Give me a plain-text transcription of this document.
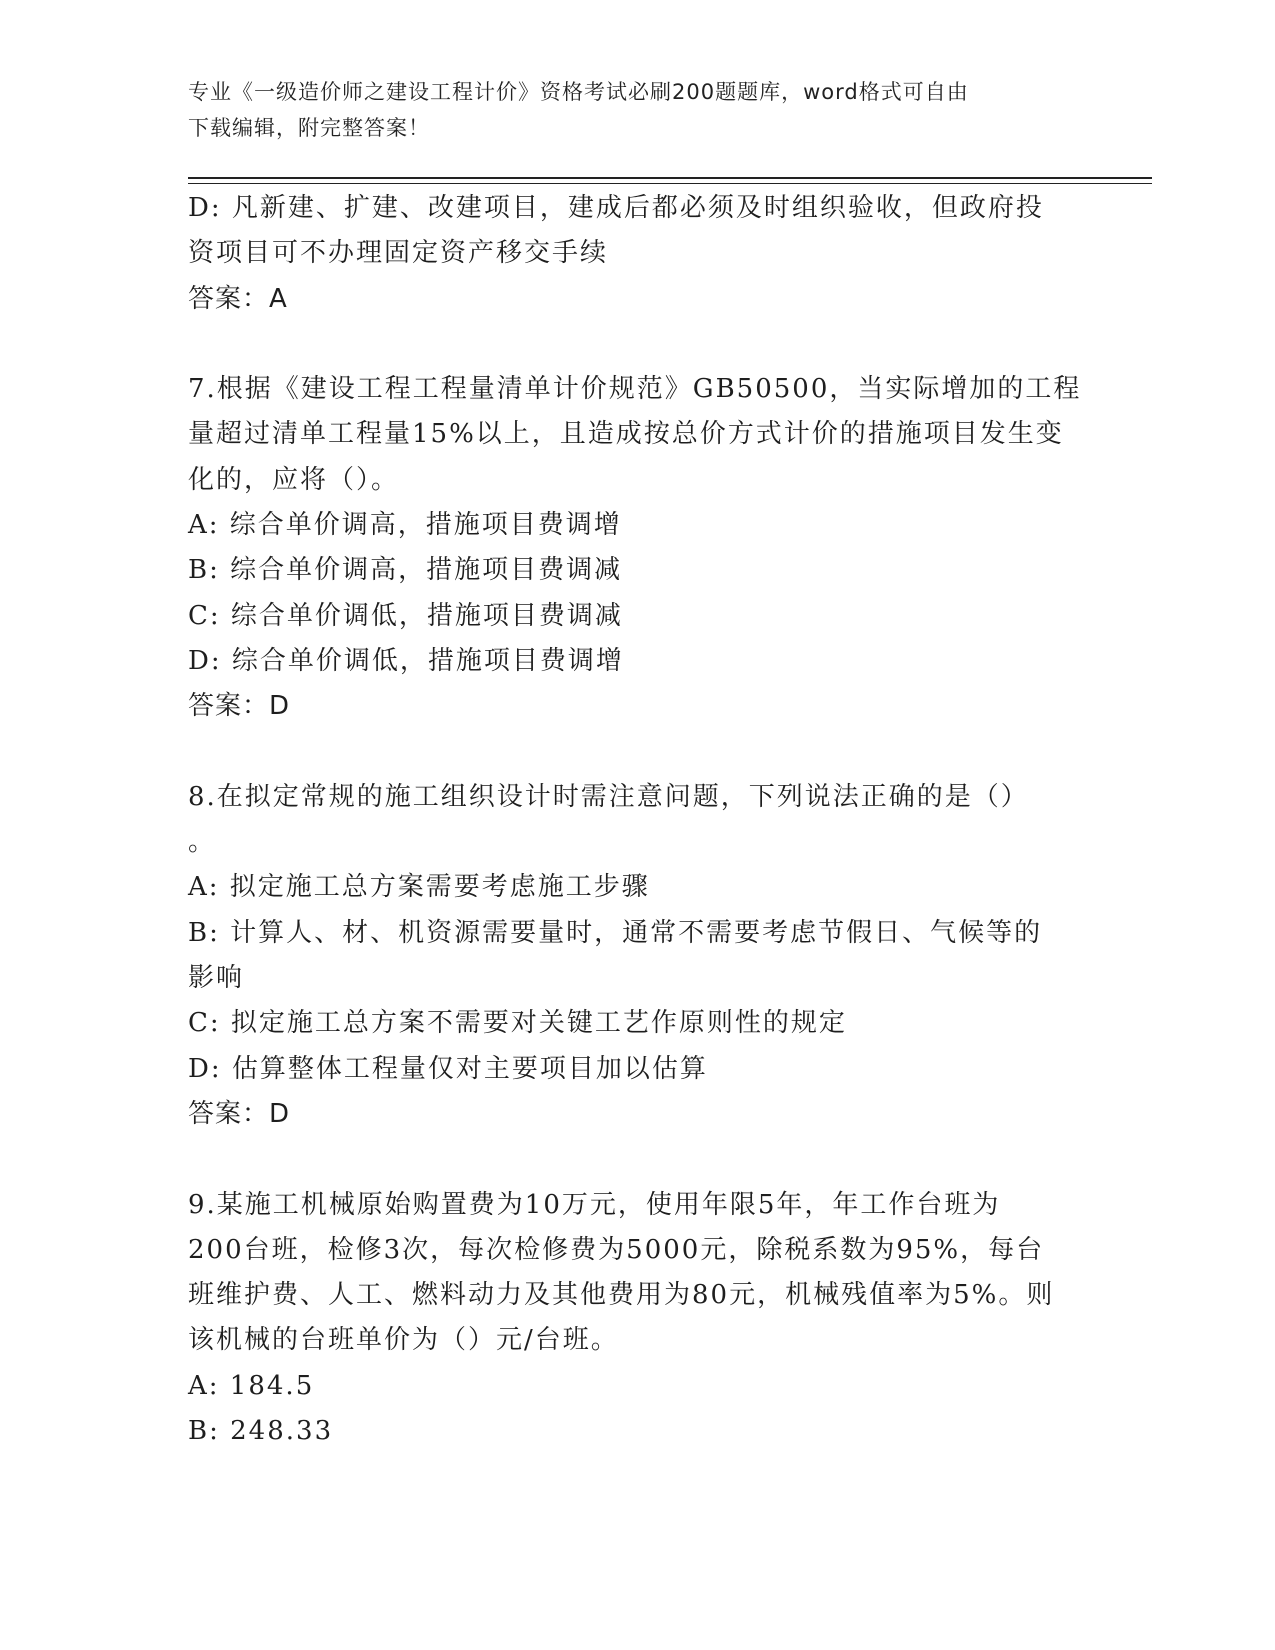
专业《一级造价师之建设工程计价》资格考试必刷200题题库，word格式可自由
下载编辑，附完整答案！
D: 凡新建、扩建、改建项目，建成后都必须及时组织验收，但政府投
资项目可不办理固定资产移交手续
答案：A
7.根据《建设工程工程量清单计价规范》GB50500，当实际增加的工程
量超过清单工程量15%以上，且造成按总价方式计价的措施项目发生变
化的，应将（）。
A: 综合单价调高，措施项目费调增
B: 综合单价调高，措施项目费调减
C: 综合单价调低，措施项目费调减
D: 综合单价调低，措施项目费调增
答案：D
8.在拟定常规的施工组织设计时需注意问题，下列说法正确的是（）
。
A: 拟定施工总方案需要考虑施工步骤
B: 计算人、材、机资源需要量时，通常不需要考虑节假日、气候等的
影响
C: 拟定施工总方案不需要对关键工艺作原则性的规定
D: 估算整体工程量仅对主要项目加以估算
答案：D
9.某施工机械原始购置费为10万元，使用年限5年，年工作台班为
200台班，检修3次，每次检修费为5000元，除税系数为95%，每台
班维护费、人工、燃料动力及其他费用为80元，机械残值率为5%。则
该机械的台班单价为（）元/台班。
A: 184.5
B: 248.33
